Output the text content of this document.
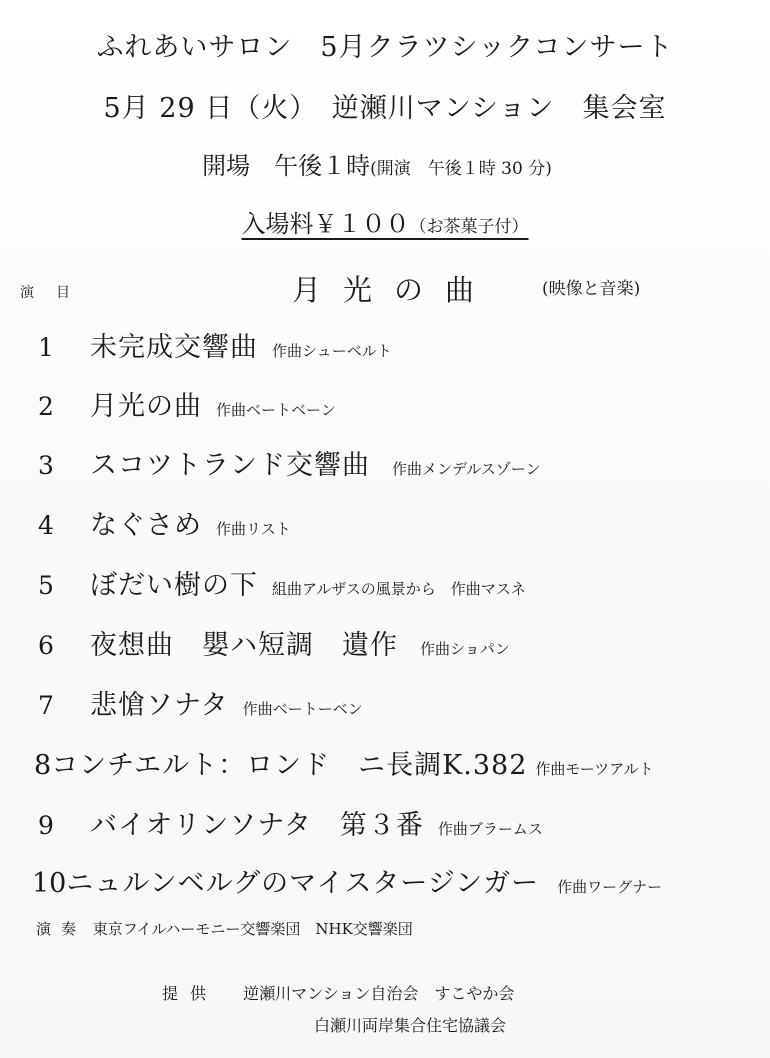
ふれあいサロン　5月クラツシックコンサート
5月 29 日（火）　逆瀬川マンション　集会室
開場　午後１時(開演　午後１時 30 分)
入場料￥１００（お茶菓子付）
演目	月光の曲	(映像と音楽)
1	未完成交響曲 作曲シューベルト
2	月光の曲 作曲ベートベーン
3	スコツトランド交響曲 作曲メンデルスゾーン
4	なぐさめ 作曲リスト
5	ぼだい樹の下 組曲アルザスの風景から　作曲マスネ
6	夜想曲　嬰ハ短調　遺作 作曲ショパン
7	悲愴ソナタ 作曲ベートーベン
8 コンチエルト：ロンド　ニ長調K.382 作曲モーツアルト
9	バイオリンソナタ　第３番 作曲ブラームス
10 ニュルンベルグのマイスタージンガー 作曲ワーグナー
演奏 東京フイルハーモニー交響楽団　NHK交響楽団
提供 逆瀬川マンション自治会　すこやか会
白瀬川両岸集合住宅協議会
